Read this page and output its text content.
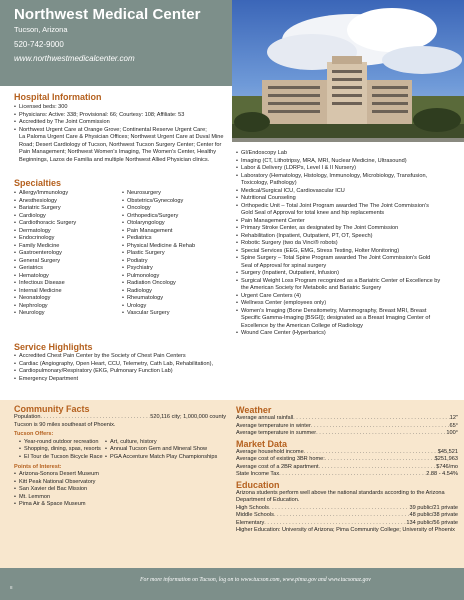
Northwest Medical Center
Tucson, Arizona
520-742-9000
www.northwestmedicalcenter.com
Hospital Information
• Licensed beds: 300
• Physicians: Active: 338; Provisional: 66; Courtesy: 108; Affiliate: 53
• Accredited by The Joint Commission
• Northwest Urgent Care at Orange Grove; Continental Reserve Urgent Care;
La Paloma Urgent Care & Physician Offices; Northwest Urgent Care at Duval Mine
Road; Desert Cardiology of Tucson, Northwest Tucson Surgery Center; Center for
Pain Management; Northwest Women's Imaging, The Women's Center, Healthy
Beginnings, Lazos de Familia and multiple Northwest Allied Physician clinics.
Specialties
• Allergy/Immunology
• Anesthesiology
• Bariatric Surgery
• Cardiology
• Cardiothoracic Surgery
• Dermatology
• Endocrinology
• Family Medicine
• Gastroenterology
• General Surgery
• Geriatrics
• Hematology
• Infectious Disease
• Internal Medicine
• Neonatology
• Nephrology
• Neurology
• Neurosurgery
• Obstetrics/Gynecology
• Oncology
• Orthopedics/Surgery
• Otolaryngology
• Pain Management
• Pediatrics
• Physical Medicine & Rehab
• Plastic Surgery
• Podiatry
• Psychiatry
• Pulmonology
• Radiation Oncology
• Radiology
• Rheumatology
• Urology
• Vascular Surgery
Service Highlights
• Accredited Chest Pain Center by the Society of Chest Pain Centers
• Cardiac (Angiography, Open Heart, CCU, Telemetry, Cath Lab, Rehabilitation),
• Cardiopulmonary/Respiratory (EKG, Pulmonary Function Lab)
• Emergency Department
• GI/Endoscopy Lab
• Imaging (CT, Lithotripsy, MRA, MRI, Nuclear Medicine, Ultrasound)
• Labor & Delivery (LDRPs, Level I & II Nursery)
• Laboratory (Hematology, Histology, Immunology, Microbiology, Transfusion,
Toxicology, Pathology)
• Medical/Surgical ICU, Cardiovascular ICU
• Nutritional Counseling
• Orthopedic Unit – Total Joint Program awarded The The Joint Commission's
Gold Seal of Approval for total knee and hip replacements
• Pain Management Center
• Primary Stroke Center, as designated by The Joint Commission
• Rehabilitation (Inpatient, Outpatient, PT, OT, Speech)
• Robotic Surgery (two da Vinci® robots)
• Special Services (EEG, EMG, Stress Testing, Holter Monitoring)
• Spine Surgery – Total Spine Program awarded The Joint Commission's Gold
Seal of Approval for spinal surgery
• Surgery (Inpatient, Outpatient, Infusion)
• Surgical Weight Loss Program recognized as a Bariatric Center of Excellence by
the American Society for Metabolic and Bariatric Surgery
• Urgent Care Centers (4)
• Wellness Center (employees only)
• Women's Imaging (Bone Densitometry, Mammography, Breast MRI, Breast
Specific Gamma-Imaging [BSGI]); designated as a Breast Imaging Center of
Excellence by the American College of Radiology
• Wound Care Center (Hyperbarics)
Community Facts
Population . . .	520,116 city; 1,000,000 county
Tucson is 90 miles southeast of Phoenix.
Tucson Offers:
• Year-round outdoor recreation
• Shopping, dining, spas, resorts
• El Tour de Tucson Bicycle Race
• Art, culture, history
• Annual Tucson Gem and Mineral Show
• PGA Accenture Match Play Championships
Points of Interest:
• Arizona-Sonora Desert Museum
• Kitt Peak National Observatory
• San Xavier del Bac Mission
• Mt. Lemmon
• Pima Air & Space Museum
Weather
Average annual rainfall . . .	12"
Average temperature in winter . . .	65°
Average temperature in summer . . .	100°
Market Data
Average household income . . .	$45,521
Average cost of existing 3BR home: . . .	$251,963
Average cost of a 2BR apartment . . .	$746/mo
State Income Tax . . .	2.88 - 4.54%
Education
Arizona students perform well above the national standards according to the Arizona Department of Education.
High Schools . . .	39 public/21 private
Middle Schools . . .	48 public/38 private
Elementary . . .	134 public/56 private
Higher Education: University of Arizona; Pima Community College; University of Phoenix
For more information on Tucson, log on to www.tucson.com, www.pima.gov and www.tucsonaz.gov
8
